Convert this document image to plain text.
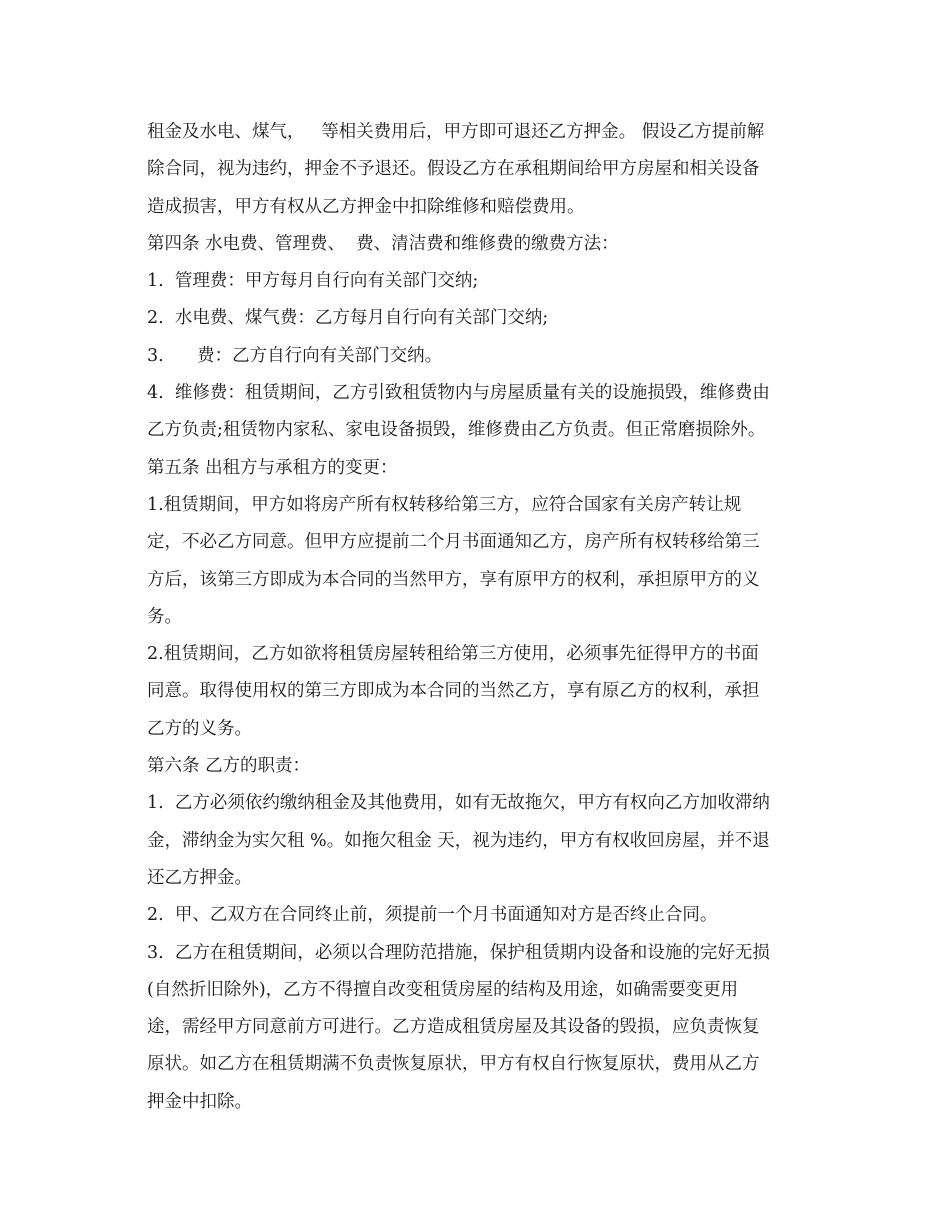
租金及水电、煤气，   等相关费用后，甲方即可退还乙方押金。 假设乙方提前解
除合同，视为违约，押金不予退还。假设乙方在承租期间给甲方房屋和相关设备
造成损害，甲方有权从乙方押金中扣除维修和赔偿费用。
第四条 水电费、管理费、  费、清洁费和维修费的缴费方法：
1.  管理费：甲方每月自行向有关部门交纳;
2.  水电费、煤气费：乙方每月自行向有关部门交纳;
3.      费：乙方自行向有关部门交纳。
4.  维修费：租赁期间，乙方引致租赁物内与房屋质量有关的设施损毁，维修费由
乙方负责;租赁物内家私、家电设备损毁，维修费由乙方负责。但正常磨损除外。
第五条 出租方与承租方的变更：
1.租赁期间，甲方如将房产所有权转移给第三方，应符合国家有关房产转让规
定，不必乙方同意。但甲方应提前二个月书面通知乙方，房产所有权转移给第三
方后，该第三方即成为本合同的当然甲方，享有原甲方的权利，承担原甲方的义
务。
2.租赁期间，乙方如欲将租赁房屋转租给第三方使用，必须事先征得甲方的书面
同意。取得使用权的第三方即成为本合同的当然乙方，享有原乙方的权利，承担
乙方的义务。
第六条 乙方的职责：
1.  乙方必须依约缴纳租金及其他费用，如有无故拖欠，甲方有权向乙方加收滞纳
金，滞纳金为实欠租 %。如拖欠租金 天，视为违约，甲方有权收回房屋，并不退
还乙方押金。
2.  甲、乙双方在合同终止前，须提前一个月书面通知对方是否终止合同。
3.  乙方在租赁期间，必须以合理防范措施，保护租赁期内设备和设施的完好无损
(自然折旧除外)，乙方不得擅自改变租赁房屋的结构及用途，如确需要变更用
途，需经甲方同意前方可进行。乙方造成租赁房屋及其设备的毁损，应负责恢复
原状。如乙方在租赁期满不负责恢复原状，甲方有权自行恢复原状，费用从乙方
押金中扣除。
